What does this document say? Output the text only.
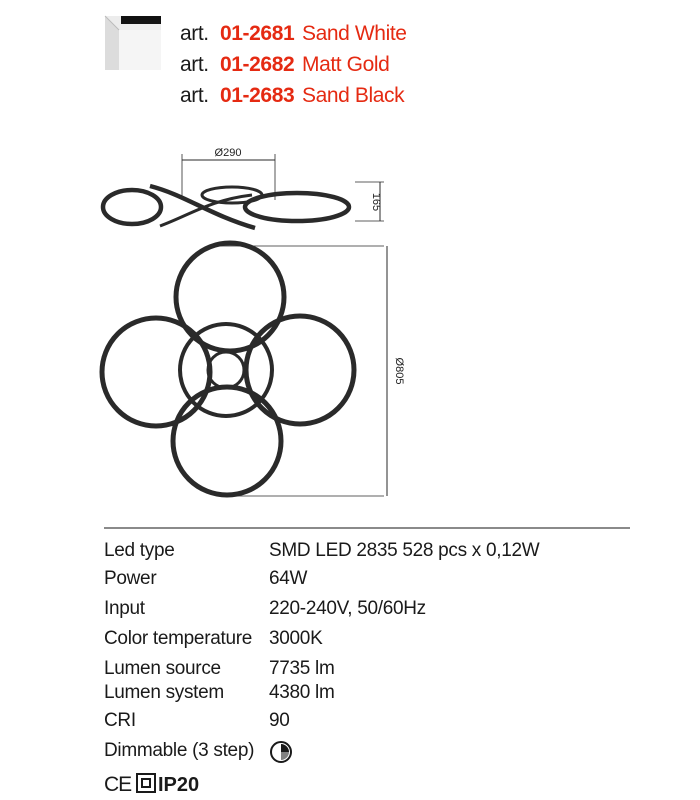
art. 01-2681 Sand White
art. 01-2682 Matt Gold
art. 01-2683 Sand Black
Ø290
165
Ø805
Led type	SMD LED 2835 528 pcs x 0,12W
Power	64W
Input	220-240V, 50/60Hz
Color temperature 3000K
Lumen source	7735 lm
Lumen system 4380 lm
CRI	90
Dimmable (3 step)
CE IP20
